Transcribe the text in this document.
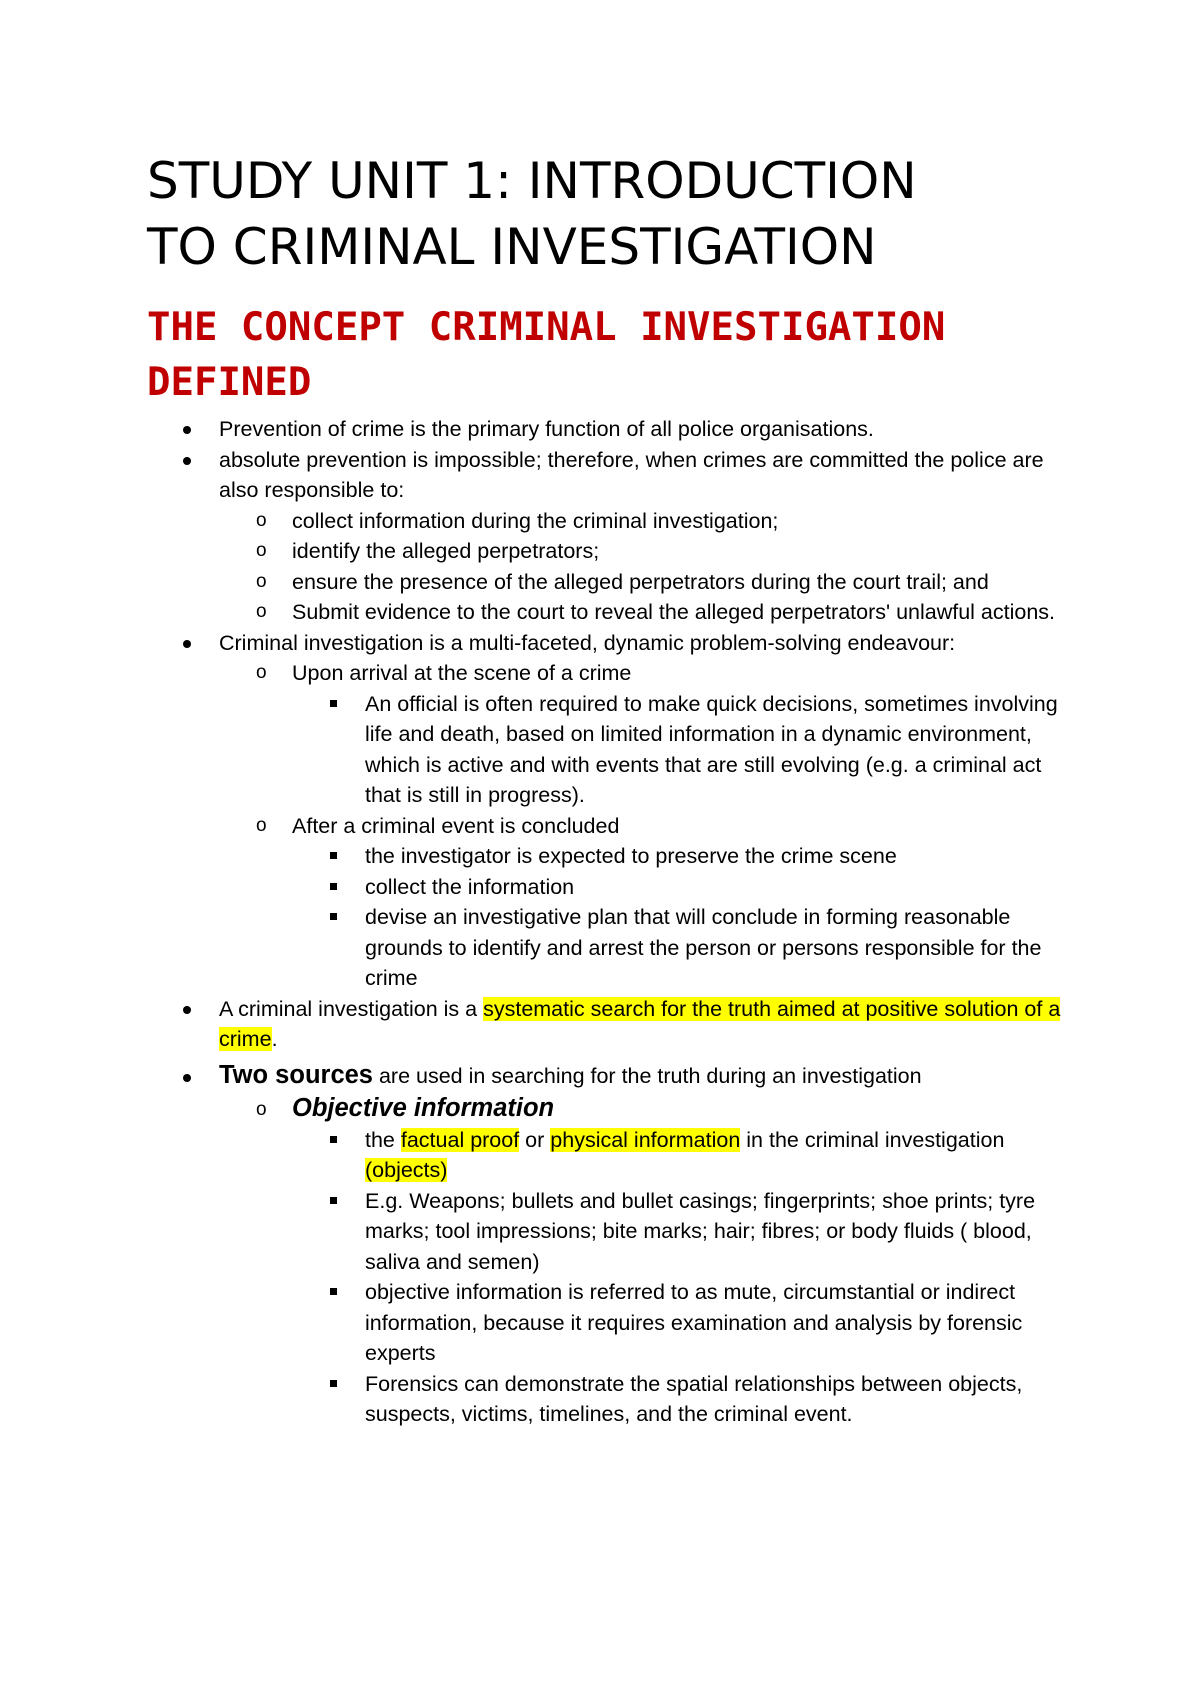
STUDY UNIT 1: INTRODUCTION
TO CRIMINAL INVESTIGATION
THE CONCEPT CRIMINAL INVESTIGATION
DEFINED
Prevention of crime is the primary function of all police organisations.
absolute prevention is impossible; therefore, when crimes are committed the police are also responsible to:
o	collect information during the criminal investigation;
o	identify the alleged perpetrators;
o	ensure the presence of the alleged perpetrators during the court trail; and
o	Submit evidence to the court to reveal the alleged perpetrators' unlawful actions.
Criminal investigation is a multi-faceted, dynamic problem-solving endeavour:
o	Upon arrival at the scene of a crime
An official is often required to make quick decisions, sometimes involving life and death, based on limited information in a dynamic environment, which is active and with events that are still evolving (e.g. a criminal act that is still in progress).
o	After a criminal event is concluded
the investigator is expected to preserve the crime scene
collect the information
devise an investigative plan that will conclude in forming reasonable grounds to identify and arrest the person or persons responsible for the crime
A criminal investigation is a systematic search for the truth aimed at positive solution of a crime.
Two sources are used in searching for the truth during an investigation
o Objective information
the factual proof or physical information in the criminal investigation (objects)
E.g. Weapons; bullets and bullet casings; fingerprints; shoe prints; tyre marks; tool impressions; bite marks; hair; fibres; or body fluids ( blood, saliva and semen)
objective information is referred to as mute, circumstantial or indirect information, because it requires examination and analysis by forensic experts
Forensics can demonstrate the spatial relationships between objects, suspects, victims, timelines, and the criminal event.
